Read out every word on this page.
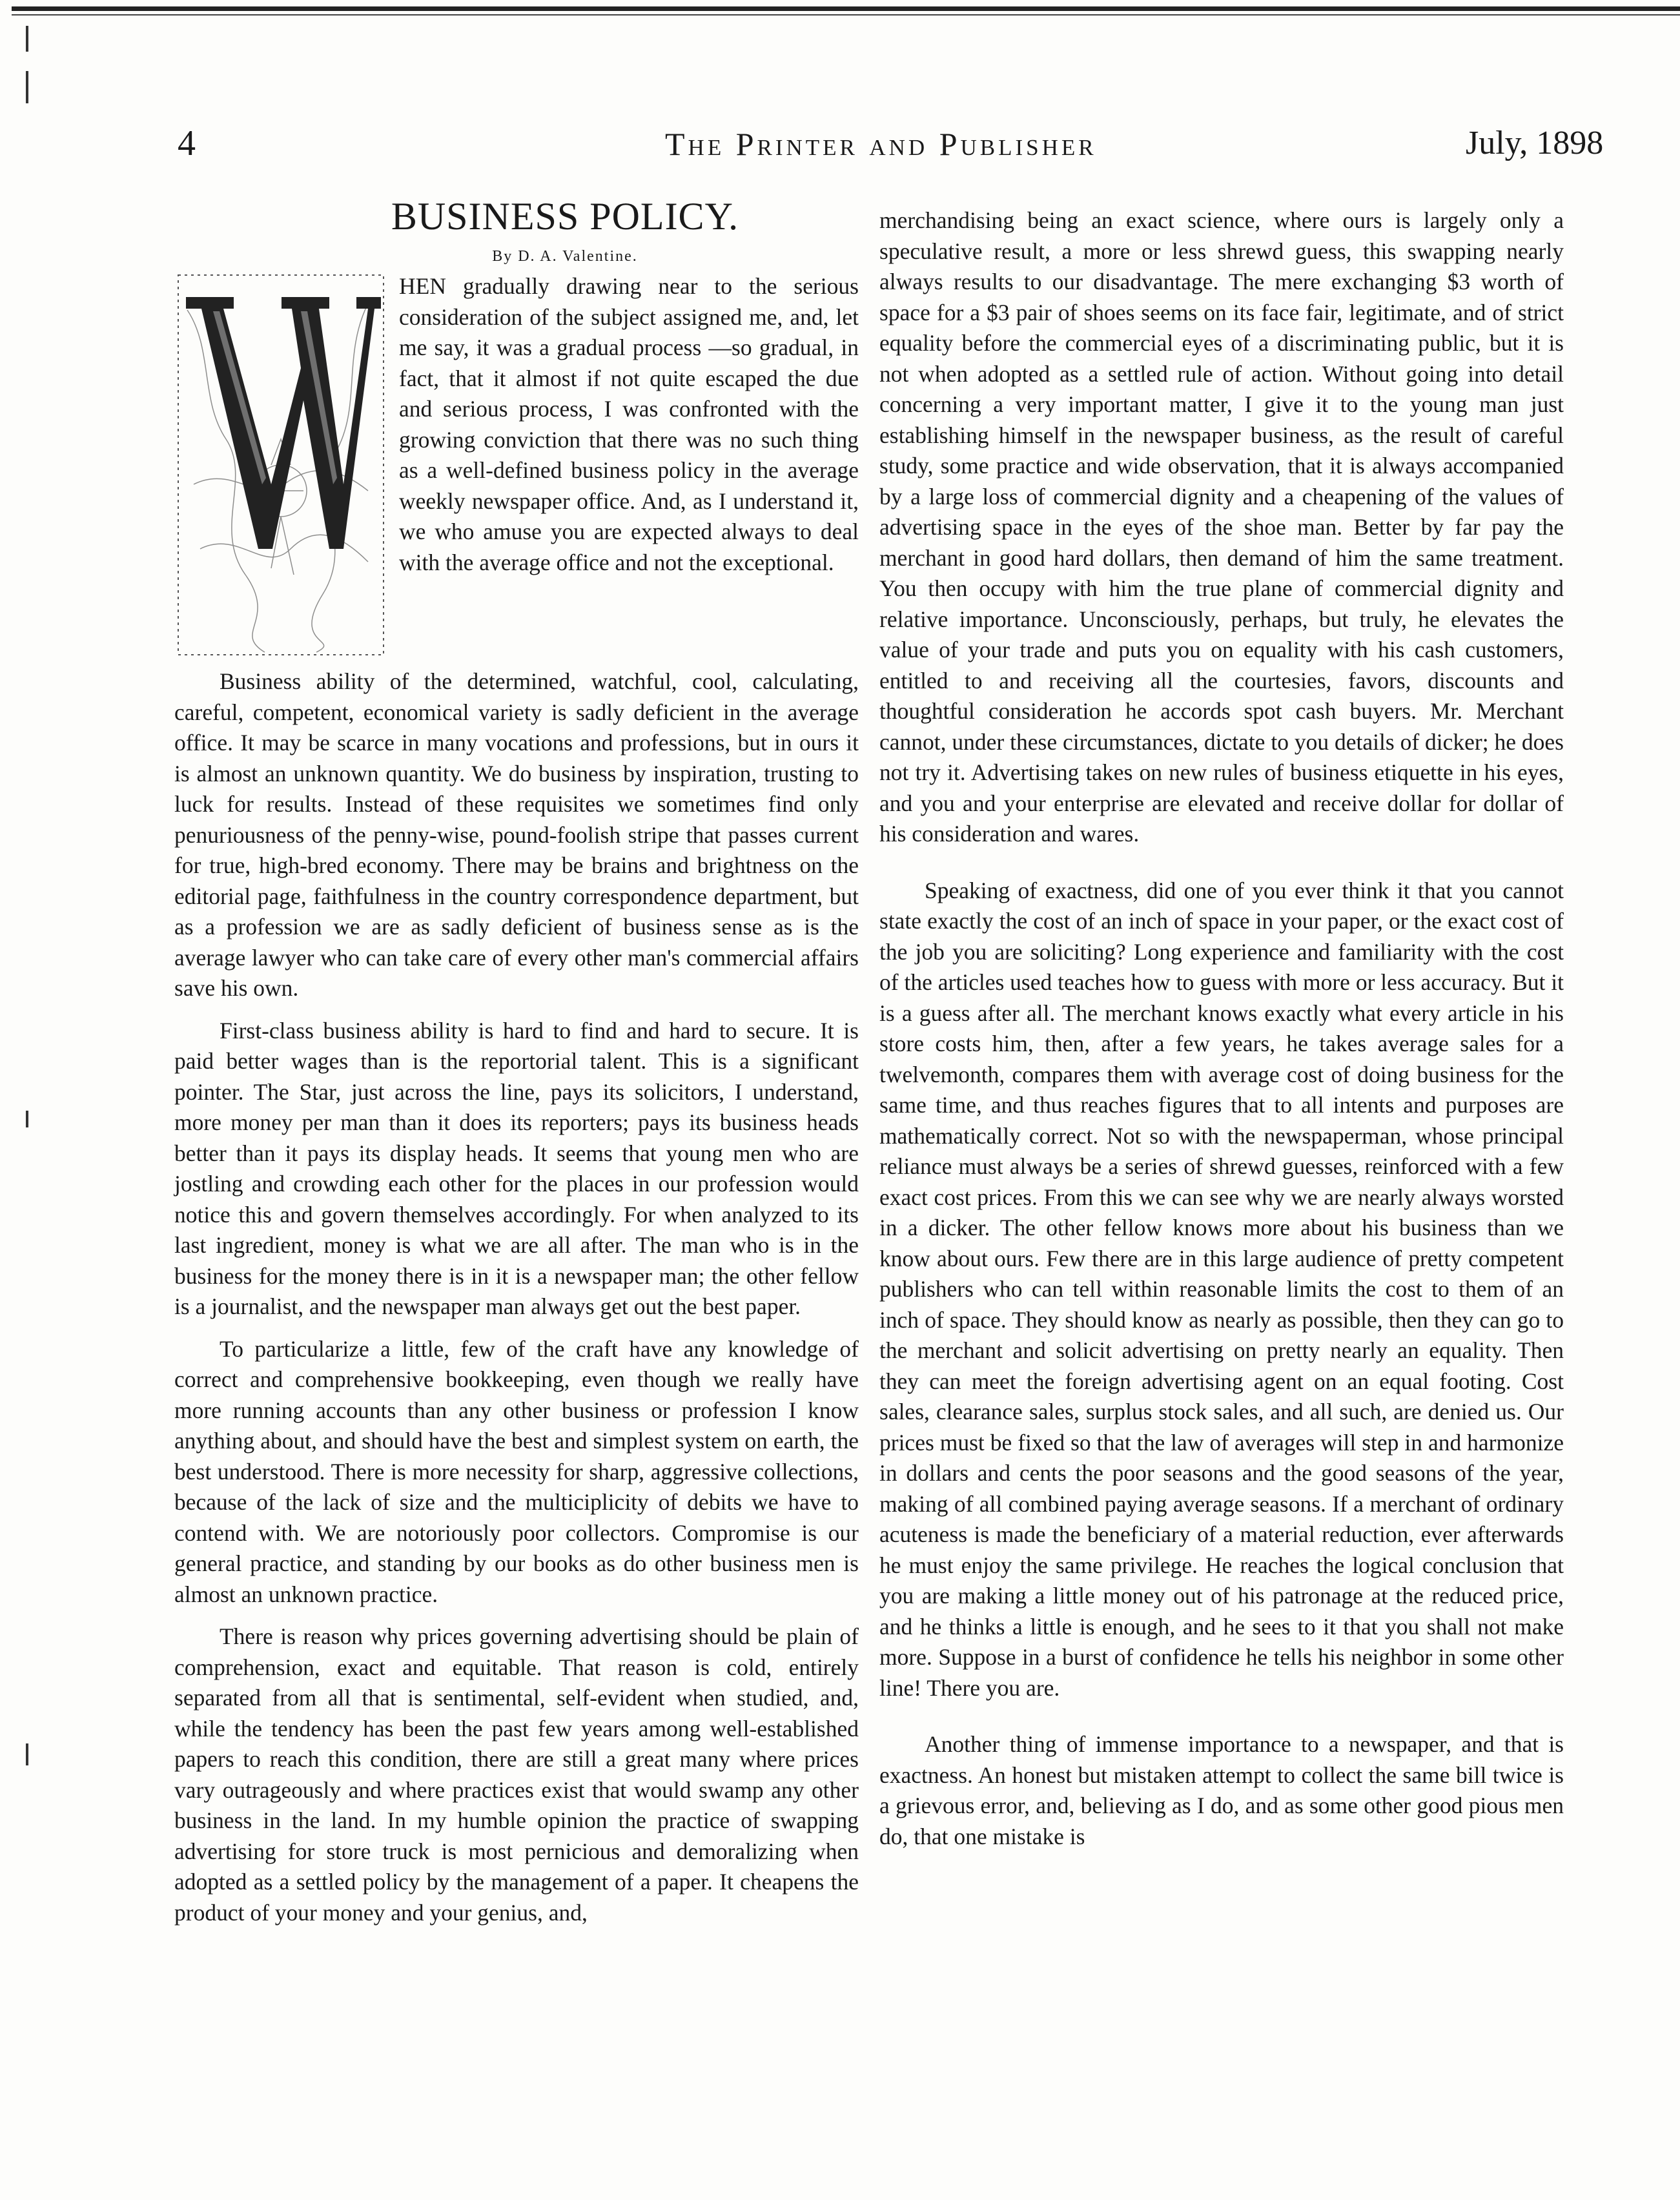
4	The Printer and Publisher	July, 1898
BUSINESS POLICY.
By D. A. Valentine.

HEN gradually drawing near to the serious consideration of the subject assigned me, and, let me say, it was a gradual process —so gradual, in fact, that it almost if not quite escaped the due and serious process, I was confronted with the growing conviction that there was no such thing as a well-defined business policy in the average weekly newspaper office. And, as I understand it, we who amuse you are expected always to deal with the average office and not the exceptional.

Business ability of the determined, watchful, cool, calculating, careful, competent, economical variety is sadly deficient in the average office. It may be scarce in many vocations and professions, but in ours it is almost an unknown quantity. We do business by inspiration, trusting to luck for results. Instead of these requisites we sometimes find only penuriousness of the penny-wise, pound-foolish stripe that passes current for true, high-bred economy. There may be brains and brightness on the editorial page, faithfulness in the country correspondence department, but as a profession we are as sadly deficient of business sense as is the average lawyer who can take care of every other man's commercial affairs save his own.

First-class business ability is hard to find and hard to secure. It is paid better wages than is the reportorial talent. This is a significant pointer. The Star, just across the line, pays its solicitors, I understand, more money per man than it does its reporters; pays its business heads better than it pays its display heads. It seems that young men who are jostling and crowding each other for the places in our profession would notice this and govern themselves accordingly. For when analyzed to its last ingredient, money is what we are all after. The man who is in the business for the money there is in it is a newspaper man; the other fellow is a journalist, and the newspaper man always get out the best paper.

To particularize a little, few of the craft have any knowledge of correct and comprehensive bookkeeping, even though we really have more running accounts than any other business or profession I know anything about, and should have the best and simplest system on earth, the best understood. There is more necessity for sharp, aggressive collections, because of the lack of size and the multiciplicity of debits we have to contend with. We are notoriously poor collectors. Compromise is our general practice, and standing by our books as do other business men is almost an unknown practice.

There is reason why prices governing advertising should be plain of comprehension, exact and equitable. That reason is cold, entirely separated from all that is sentimental, self-evident when studied, and, while the tendency has been the past few years among well-established papers to reach this condition, there are still a great many where prices vary outrageously and where practices exist that would swamp any other business in the land. In my humble opinion the practice of swapping advertising for store truck is most pernicious and demoralizing when adopted as a settled policy by the management of a paper. It cheapens the product of your money and your genius, and,

merchandising being an exact science, where ours is largely only a speculative result, a more or less shrewd guess, this swapping nearly always results to our disadvantage. The mere exchanging $3 worth of space for a $3 pair of shoes seems on its face fair, legitimate, and of strict equality before the commercial eyes of a discriminating public, but it is not when adopted as a settled rule of action. Without going into detail concerning a very important matter, I give it to the young man just establishing himself in the newspaper business, as the result of careful study, some practice and wide observation, that it is always accompanied by a large loss of commercial dignity and a cheapening of the values of advertising space in the eyes of the shoe man. Better by far pay the merchant in good hard dollars, then demand of him the same treatment. You then occupy with him the true plane of commercial dignity and relative importance. Unconsciously, perhaps, but truly, he elevates the value of your trade and puts you on equality with his cash customers, entitled to and receiving all the courtesies, favors, discounts and thoughtful consideration he accords spot cash buyers. Mr. Merchant cannot, under these circumstances, dictate to you details of dicker; he does not try it. Advertising takes on new rules of business etiquette in his eyes, and you and your enterprise are elevated and receive dollar for dollar of his consideration and wares.

Speaking of exactness, did one of you ever think it that you cannot state exactly the cost of an inch of space in your paper, or the exact cost of the job you are soliciting? Long experience and familiarity with the cost of the articles used teaches how to guess with more or less accuracy. But it is a guess after all. The merchant knows exactly what every article in his store costs him, then, after a few years, he takes average sales for a twelvemonth, compares them with average cost of doing business for the same time, and thus reaches figures that to all intents and purposes are mathematically correct. Not so with the newspaperman, whose principal reliance must always be a series of shrewd guesses, reinforced with a few exact cost prices. From this we can see why we are nearly always worsted in a dicker. The other fellow knows more about his business than we know about ours. Few there are in this large audience of pretty competent publishers who can tell within reasonable limits the cost to them of an inch of space. They should know as nearly as possible, then they can go to the merchant and solicit advertising on pretty nearly an equality. Then they can meet the foreign advertising agent on an equal footing. Cost sales, clearance sales, surplus stock sales, and all such, are denied us. Our prices must be fixed so that the law of averages will step in and harmonize in dollars and cents the poor seasons and the good seasons of the year, making of all combined paying average seasons. If a merchant of ordinary acuteness is made the beneficiary of a material reduction, ever afterwards he must enjoy the same privilege. He reaches the logical conclusion that you are making a little money out of his patronage at the reduced price, and he thinks a little is enough, and he sees to it that you shall not make more. Suppose in a burst of confidence he tells his neighbor in some other line! There you are.

Another thing of immense importance to a newspaper, and that is exactness. An honest but mistaken attempt to collect the same bill twice is a grievous error, and, believing as I do, and as some other good pious men do, that one mistake is
